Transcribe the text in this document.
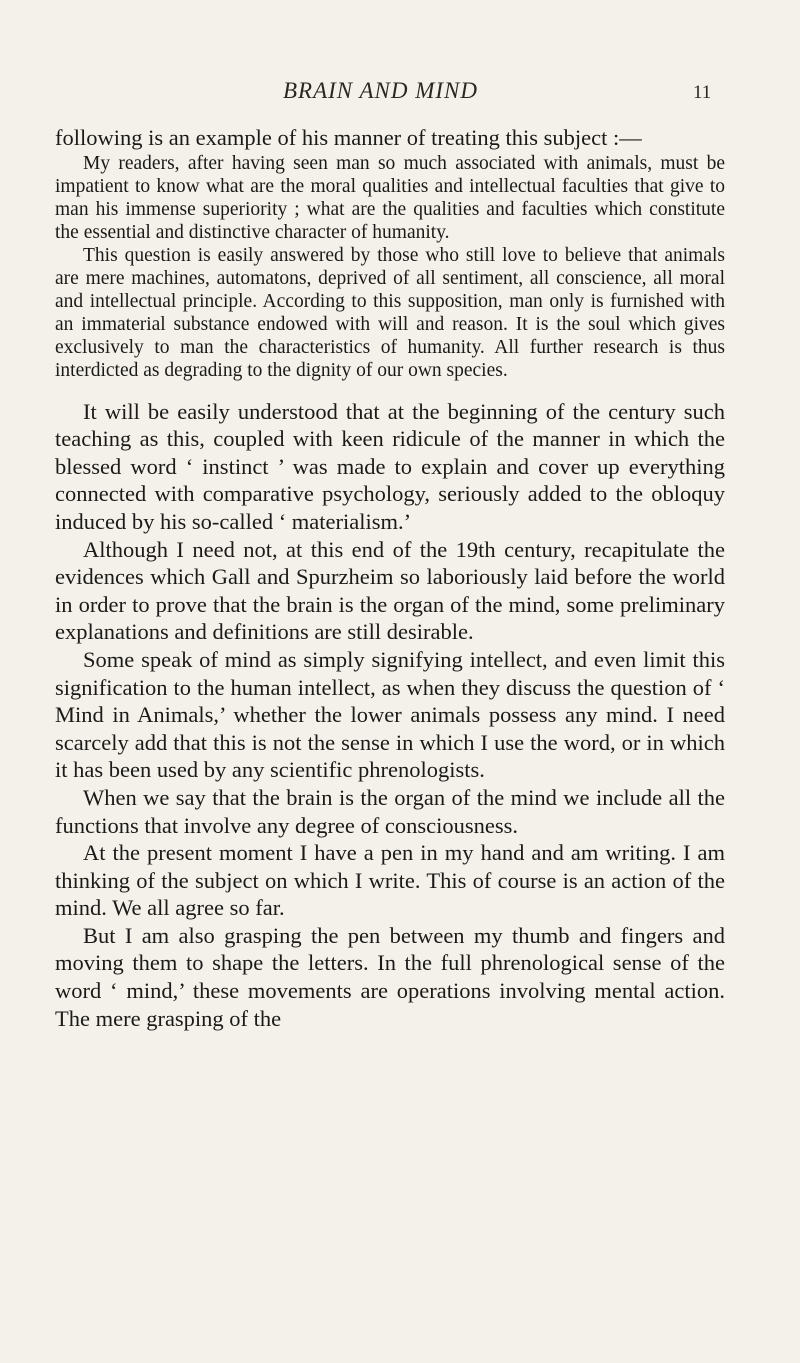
BRAIN AND MIND	11

following is an example of his manner of treating this subject :—

My readers, after having seen man so much associated with animals, must be impatient to know what are the moral qualities and intellectual faculties that give to man his immense superiority ; what are the qualities and faculties which constitute the essential and distinctive character of humanity.

This question is easily answered by those who still love to believe that animals are mere machines, automatons, deprived of all sentiment, all conscience, all moral and intellectual principle. According to this supposition, man only is furnished with an immaterial substance endowed with will and reason. It is the soul which gives exclusively to man the characteristics of humanity. All further research is thus interdicted as degrading to the dignity of our own species.

It will be easily understood that at the beginning of the century such teaching as this, coupled with keen ridicule of the manner in which the blessed word ‘ instinct ’ was made to explain and cover up everything connected with comparative psychology, seriously added to the obloquy induced by his so-called ‘ materialism.’

Although I need not, at this end of the 19th century, recapitulate the evidences which Gall and Spurzheim so laboriously laid before the world in order to prove that the brain is the organ of the mind, some preliminary explanations and definitions are still desirable.

Some speak of mind as simply signifying intellect, and even limit this signification to the human intellect, as when they discuss the question of ‘ Mind in Animals,’ whether the lower animals possess any mind. I need scarcely add that this is not the sense in which I use the word, or in which it has been used by any scientific phrenologists.

When we say that the brain is the organ of the mind we include all the functions that involve any degree of consciousness.

At the present moment I have a pen in my hand and am writing. I am thinking of the subject on which I write. This of course is an action of the mind. We all agree so far.

But I am also grasping the pen between my thumb and fingers and moving them to shape the letters. In the full phrenological sense of the word ‘ mind,’ these movements are operations involving mental action. The mere grasping of the
